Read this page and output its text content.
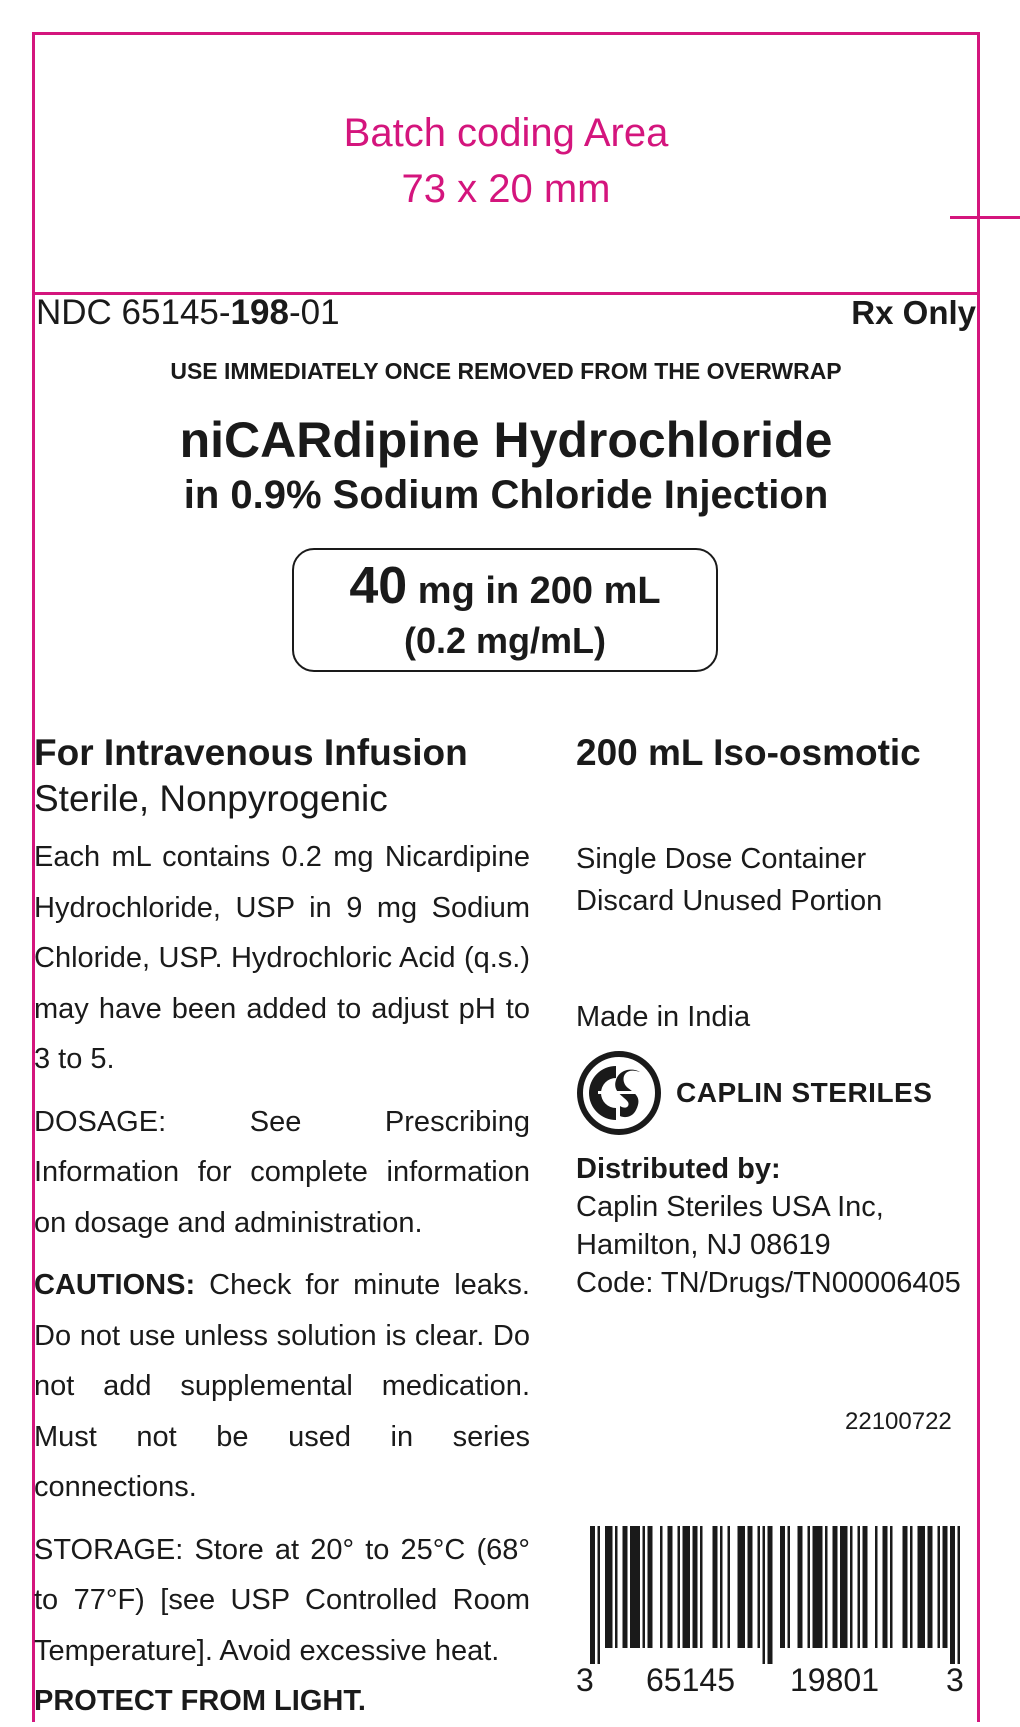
Batch coding Area
73 x 20 mm
NDC 65145-198-01	Rx Only
USE IMMEDIATELY ONCE REMOVED FROM THE OVERWRAP
niCARdipine Hydrochloride
in 0.9% Sodium Chloride Injection
40 mg in 200 mL
(0.2 mg/mL)
For Intravenous Infusion
Sterile, Nonpyrogenic
Each mL contains 0.2 mg Nicardipine Hydrochloride, USP in 9 mg Sodium Chloride, USP. Hydrochloric Acid (q.s.) may have been added to adjust pH to 3 to 5.
DOSAGE: See Prescribing Information for complete information on dosage and administration.
CAUTIONS: Check for minute leaks. Do not use unless solution is clear. Do not add supplemental medication. Must not be used in series connections.
STORAGE: Store at 20° to 25°C (68° to 77°F) [see USP Controlled Room Temperature]. Avoid excessive heat.
PROTECT FROM LIGHT.
200 mL Iso-osmotic
Single Dose Container
Discard Unused Portion
Made in India
CAPLIN STERILES
Distributed by:
Caplin Steriles USA Inc,
Hamilton, NJ 08619
Code: TN/Drugs/TN00006405
22100722
3 65145 19801 3
